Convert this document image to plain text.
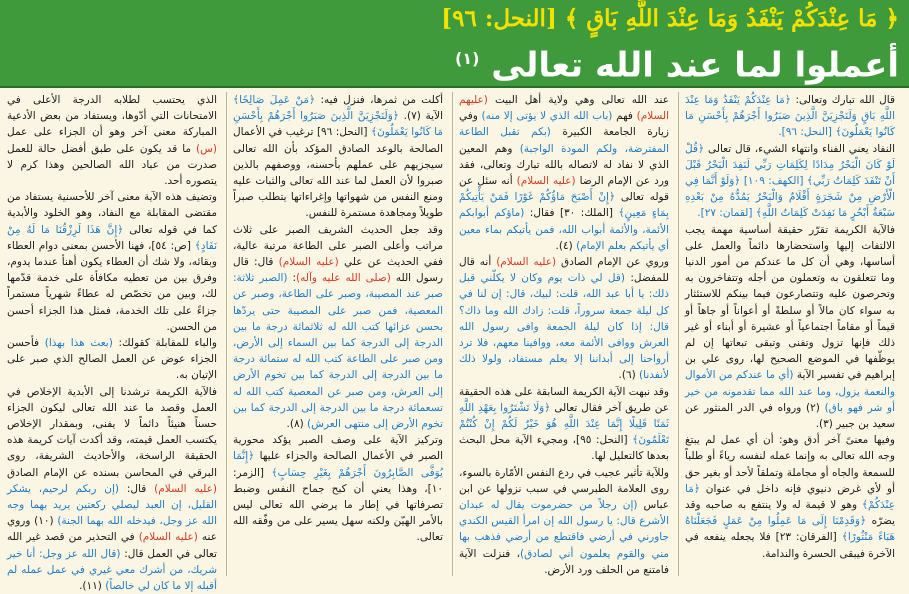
﴿ مَا عِنْدَكُمْ يَنْفَدُ وَمَا عِنْدَ اللَّهِ بَاقٍ ﴾ [النحل: ٩٦]
أعملوا لما عند الله تعالى $^{(١)}$

قال الله تبارك وتعالى: ﴿مَا عِنْدَكُمْ يَنْفَدُ وَمَا عِنْدَ اللَّهِ بَاقٍ وَلَنَجْزِيَنَّ الَّذِينَ صَبَرُوا أَجْرَهُمْ بِأَحْسَنِ مَا كَانُوا يَعْمَلُونَ﴾ [النحل: ٩٦].

النفاد يعني الفناء وانتهاء الشيء، قال تعالى ﴿قُلْ لَوْ كَانَ الْبَحْرُ مِدَادًا لِكَلِمَاتِ رَبِّي لَنَفِدَ الْبَحْرُ قَبْلَ أَنْ تَنْفَدَ كَلِمَاتُ رَبِّي﴾ [الكهف: ١٠٩] ﴿وَلَوْ أَنَّمَا فِي الْأَرْضِ مِنْ شَجَرَةٍ أَقْلَامٌ وَالْبَحْرُ يَمُدُّهُ مِنْ بَعْدِهِ سَبْعَةُ أَبْحُرٍ مَا نَفِدَتْ كَلِمَاتُ اللَّهِ﴾ [لقمان: ٢٧].

فالآية الكريمة تقرّر حقيقة أساسية مهمة يجب الالتفات إليها واستحضارها دائماً والعمل على أساسها، وهي أن كل ما عندكم من أمور الدنيا وما تتعلقون به وتعملون من أجله وتتفاخرون به وتحرصون عليه وتتصارعون فيما بينكم للاستئثار به سواء كان مالاً أو سلطةً أو أعواناً أو جاهاً أو قيماً أو مقاماً اجتماعياً أو عشيرة أو أبناء أو غير ذلك فإنها تزول وتفنى وتبقى تبعاتها إن لم يوظّفها في الموضع الصحيح لها، روى علي بن إبراهيم في تفسير الآية (أي ما عندكم من الأموال والنعمة يزول، وما عند الله مما تقدمونه من خير أو شر فهو باق) (٢) ورواه في الدر المنثور عن سعيد بن جبير (٣).

وفيها معنىً آخر أدق وهو: أن أي عمل لم يبتغ وجه الله تعالى به وإنما عمله لنفسه رياءً أو طلباً للسمعة والجاه أو مجاملة وتملقاً لأحد أو بغير حق أو لأي غرض دنيوي فإنه داخل في عنوان ﴿مَا عِنْدَكُمْ﴾ وهو لا قيمة له ولا ينتفع به صاحبه وقد يضرّه ﴿وَقَدِمْنَا إِلَى مَا عَمِلُوا مِنْ عَمَلٍ فَجَعَلْنَاهُ هَبَاءً مَنْثُورًا﴾ [الفرقان: ٢٣] فلا يجعله ينفعه في الآخرة فيبقى الحسرة والندامة.

عند الله تعالى وهي ولاية أهل البيت (عليهم السلام) فهم (باب الله الذي لا يؤتى إلا منه) وفي زيارة الجامعة الكبيرة (بكم تقبل الطاعة المفترضة، ولكم المودة الواجبة) وهم المعين الذي لا نفاد له لاتصاله بالله تبارك وتعالى، فقد ورد عن الإمام الرضا (عليه السلام) أنه سئل عن قوله تعالى ﴿إِنْ أَصْبَحَ مَاؤُكُمْ غَوْرًا فَمَنْ يَأْتِيكُمْ بِمَاءٍ مَعِينٍ﴾ [الملك: ٣٠] فقال: (ماؤكم أبوابكم الأئمة، والأئمة أبواب الله، فمن يأتيكم بماء معين أي يأتيكم بعلم الإمام) (٤).

وروي عن الإمام الصادق (عليه السلام) أنه قال للمفضل: (قل لي ذات يوم وكان لا يكلّني قبل ذلك: يا أبا عبد الله، قلت: لبيك، قال: إن لنا في كل ليلة جمعة سروراً، قلت: زادك الله وما ذاك؟ قال: إذا كان ليلة الجمعة وافى رسول الله العرش ووافى الأئمة معه، ووافينا معهم، فلا ترد أرواحنا إلى أبداننا إلا بعلم مستفاد، ولولا ذلك لأنفدنا) (٦).

وقد نبهت الآية الكريمة السابقة على هذه الحقيقة عن طريق آخر فقال تعالى ﴿وَلَا تَشْتَرُوا بِعَهْدِ اللَّهِ ثَمَنًا قَلِيلًا إِنَّمَا عِنْدَ اللَّهِ هُوَ خَيْرٌ لَكُمْ إِنْ كُنْتُمْ تَعْلَمُونَ﴾ [النحل: ٩٥]، ومجيء الآية محل البحث بعدها كالتعليل لها.

وللآية تأثير عجيب في ردع النفس الأمّارة بالسوء، روى العلامة الطبرسي في سبب نزولها عن ابن عباس (إن رجلاً من حضرموت يقال له عبدان الأشرع قال: يا رسول الله إن امرأ القيس الكندي جاورني في أرضي فاقتطع من أرضي فذهب بها مني والقوم يعلمون أني لصادق)، فنزلت الآية فامتنع من الحلف ورد الأرض.

أكلت من ثمرها، فنزل فيه: ﴿مَنْ عَمِلَ صَالِحًا﴾ الآية (٧). ﴿وَلَنَجْزِيَنَّ الَّذِينَ صَبَرُوا أَجْرَهُمْ بِأَحْسَنِ مَا كَانُوا يَعْمَلُونَ﴾ [النحل: ٩٦] ترغيب في الأعمال الصالحة بالوعد الصادق المؤكد بأن الله تعالى سيجزيهم على عملهم بأحسنه، ووصفهم بالذين صبروا لأن العمل لما عند الله تعالى والثبات عليه ومنع النفس من شهواتها وإغراءاتها يتطلب صبراً طويلاً ومجاهدة مستمرة للنفس.

وقد جعل الحديث الشريف الصبر على ثلاث مراتب وأعلى الصبر على الطاعة مرتبة عالية، ففي الحديث عن علي (عليه السلام) قال: قال رسول الله (صلى الله عليه وآله): (الصبر ثلاثة: صبر عند المصيبة، وصبر على الطاعة، وصبر عن المعصية، فمن صبر على المصيبة حتى يردّها بحسن عزائها كتب الله له ثلاثمائة درجة ما بين الدرجة إلى الدرجة كما بين السماء إلى الأرض، ومن صبر على الطاعة كتب الله له ستمائة درجة ما بين الدرجة إلى الدرجة كما بين تخوم الأرض إلى العرش، ومن صبر عن المعصية كتب الله له تسعمائة درجة ما بين الدرجة إلى الدرجة كما بين تخوم الأرض إلى منتهى العرش) (٨).

وتركيز الآية على وصف الصبر يؤكد محورية الصبر في الأعمال الصالحة والجزاء عليها ﴿إِنَّمَا يُوَفَّى الصَّابِرُونَ أَجْرَهُمْ بِغَيْرِ حِسَابٍ﴾ [الزمر: ١٠]، وهذا يعني أن كبح جماح النفس وضبط تصرفاتها في إطار ما يرضي الله تعالى ليس بالأمر الهيّن ولكنه سهل يسير على من وفّقه الله تعالى.

الذي يحتسب لطلابه الدرجة الأعلى في الامتحانات التي أدّوها، ويستفاد من بعض الأدعية المباركة معنى آخر وهو أن الجزاء على عمل (س) ما قد يكون على طبق أفضل حالة للعمل صدرت من عباد الله الصالحين وهذا كرم لا يتصوره أحد.

وتضيف هذه الآية معنى آخر للأحسنية يستفاد من مقتضى المقابلة مع النفاد، وهو الخلود والأبدية كما في قوله تعالى ﴿إِنَّ هَذَا لَرِزْقُنَا مَا لَهُ مِنْ نَفَادٍ﴾ [ص: ٥٤]، فهنا الأحسن بمعنى دوام العطاء وبقائه، ولا شك أن العطاء يكون أهنأ عندما يدوم، وفرق بين من تعطيه مكافأة على خدمة قدّمها لك، وبين من تخصّص له عطاءً شهرياً مستمراً جزاءً على تلك الخدمة، فمثل هذا الجزاء أحسن من الحسن.

والباء للمقابلة كقولك: (بعث هذا بهذا) فأحسن الجزاء عوض عن العمل الصالح الذي صبر على الإتيان به.

فالآية الكريمة ترشدنا إلى الأبدية الإخلاص في العمل وقصد ما عند الله تعالى ليكون الجزاء حسناً هنيئاً دائماً لا يفنى، وبمقدار الإخلاص يكتسب العمل قيمته، وقد أكدت آيات كريمة هذه الحقيقة الراسخة، والأحاديث الشريفة، روى البرقي في المحاسن بسنده عن الإمام الصادق (عليه السلام) قال: (إن ربكم لرحيم، يشكر القليل، إن العبد ليصلي ركعتين يريد بهما وجه الله عز وجل، فيدخله الله بهما الجنة) (١٠) وروي عنه (عليه السلام) في التحذير من قصد غير الله تعالى في العمل قال: (قال الله عز وجل: أنا خير شريك، من أشرك معي غيري في عمل عمله لم أقبله إلا ما كان لي خالصاً) (١١).
